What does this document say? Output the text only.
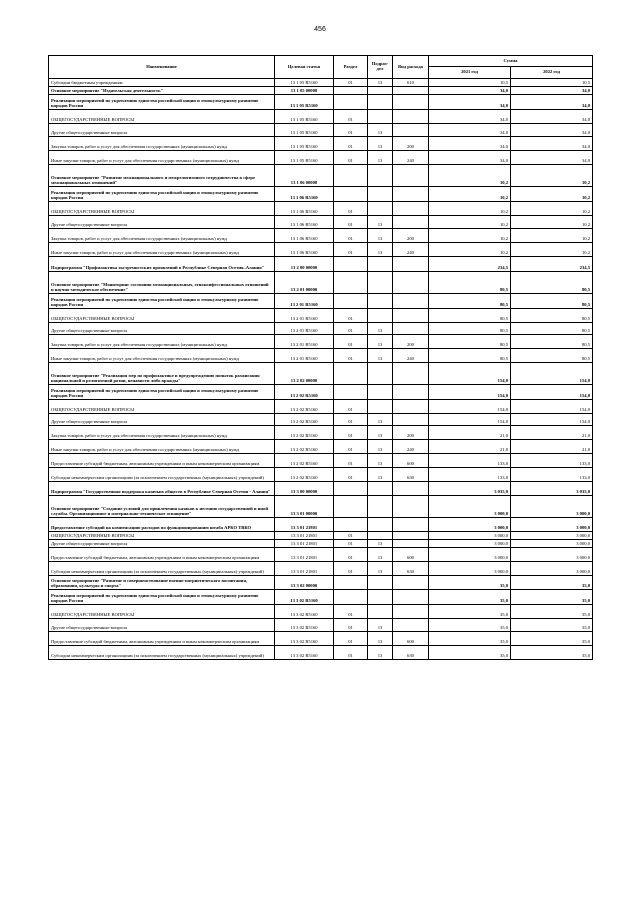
456
Наименование	Целевая статья	Раздел	Подраз-дел	Вид расхода	Сумма	
					2021 год	2022 год
Субсидии бюджетным учреждениям	13 1 05 R5160	01	13	610	10,5	10,5
Основное мероприятие "Издательская деятельность"	13 1 05 00000				34,0	34,0
Реализация мероприятий по укреплению единства российской нации и этнокультурному развитию народов России	13 1 05 R5160				34,0	34,0
ОБЩЕГОСУДАРСТВЕННЫЕ ВОПРОСЫ	13 1 05 R5160	01			34,0	34,0
Другие общегосударственные вопросы	13 1 05 R5160	01	13		34,0	34,0
Закупка товаров, работ и услуг для обеспечения государственных (муниципальных) нужд	13 1 05 R5160	01	13	200	34,0	34,0
Иные закупки товаров, работ и услуг для обеспечения государственных (муниципальных) нужд	13 1 05 R5160	01	13	240	34,0	34,0
Основное мероприятие "Развитие межнационального и межрелигиозного сотрудничества в сфере межнациональных отношений"	13 1 06 00000				10,2	10,2
Реализация мероприятий по укреплению единства российской нации и этнокультурному развитию народов России	13 1 06 R5160				10,2	10,2
ОБЩЕГОСУДАРСТВЕННЫЕ ВОПРОСЫ	13 1 06 R5160	01			10,2	10,2
Другие общегосударственные вопросы	13 1 06 R5160	01	13		10,2	10,2
Закупка товаров, работ и услуг для обеспечения государственных (муниципальных) нужд	13 1 06 R5160	01	13	200	10,2	10,2
Иные закупки товаров, работ и услуг для обеспечения государственных (муниципальных) нужд	13 1 06 R5160	01	13	240	10,2	10,2
Подпрограмма "Профилактика экстремистских проявлений в Республике Северная Осетия–Алания"	13 2 00 00000				234,5	234,5
Основное мероприятие "Мониторинг состояния межнациональных, этноконфессиональных отношений и научно-методическое обеспечение"	13 2 01 00000				80,5	80,5
Реализация мероприятий по укреплению единства российской нации и этнокультурному развитию народов России	13 2 01 R5160				80,5	80,5
ОБЩЕГОСУДАРСТВЕННЫЕ ВОПРОСЫ	13 2 01 R5160	01			80,5	80,5
Другие общегосударственные вопросы	13 2 01 R5160	01	13		80,5	80,5
Закупка товаров, работ и услуг для обеспечения государственных (муниципальных) нужд	13 2 01 R5160	01	13	200	80,5	80,5
Иные закупки товаров, работ и услуг для обеспечения государственных (муниципальных) нужд	13 2 01 R5160	01	13	240	80,5	80,5
Основное мероприятие "Реализация мер по профилактике и предупреждению попыток разжигания национальной и религиозной розни, ненависти либо вражды"	13 2 02 00000				154,0	154,0
Реализация мероприятий по укреплению единства российской нации и этнокультурному развитию народов России	13 2 02 R5160				154,0	154,0
ОБЩЕГОСУДАРСТВЕННЫЕ ВОПРОСЫ	13 2 02 R5160	01			154,0	154,0
Другие общегосударственные вопросы	13 2 02 R5160	01	13		154,0	154,0
Закупка товаров, работ и услуг для обеспечения государственных (муниципальных) нужд	13 2 02 R5160	01	13	200	21,0	21,0
Иные закупки товаров, работ и услуг для обеспечения государственных (муниципальных) нужд	13 2 02 R5160	01	13	240	21,0	21,0
Предоставление субсидий бюджетным, автономным учреждениям и иным некоммерческим организациям	13 2 02 R5160	01	13	600	133,0	133,0
Субсидии некоммерческим организациям (за исключением государственных (муниципальных) учреждений)	13 2 02 R5160	01	13	630	133,0	133,0
Подпрограмма "Государственная поддержка казачьих обществ в Республике Северная Осетия - Алания"	13 3 00 00000				3 035,0	3 035,0
Основное мероприятие "Создание условий для привлечения казаков к несению государственной и иной службы. Организационное и материально-техническое оснащение"	13 3 01 00000				3 000,0	3 000,0
Предоставление субсидий на компенсацию расходов по функционированию штаба АРКО ТВКО	13 3 01 21801				3 000,0	3 000,0
ОБЩЕГОСУДАРСТВЕННЫЕ ВОПРОСЫ	13 3 01 21801	01			3 000,0	3 000,0
Другие общегосударственные вопросы	13 3 01 21801	01	13		3 000,0	3 000,0
Предоставление субсидий бюджетным, автономным учреждениям и иным некоммерческим организациям	13 3 01 21801	01	13	600	3 000,0	3 000,0
Субсидии некоммерческим организациям (за исключением государственных (муниципальных) учреждений)	13 3 01 21801	01	13	630	3 000,0	3 000,0
Основное мероприятие "Развитие и совершенствование военно-патриотического воспитания, образования, культуры и спорта"	13 3 02 00000				35,0	35,0
Реализация мероприятий по укреплению единства российской нации и этнокультурному развитию народов России	13 3 02 R5160				35,0	35,0
ОБЩЕГОСУДАРСТВЕННЫЕ ВОПРОСЫ	13 3 02 R5160	01			35,0	35,0
Другие общегосударственные вопросы	13 3 02 R5160	01	13		35,0	35,0
Предоставление субсидий бюджетным, автономным учреждениям и иным некоммерческим организациям	13 3 02 R5160	01	13	600	35,0	35,0
Субсидии некоммерческим организациям (за исключением государственных (муниципальных) учреждений)	13 3 02 R5160	01	13	630	35,0	35,0
